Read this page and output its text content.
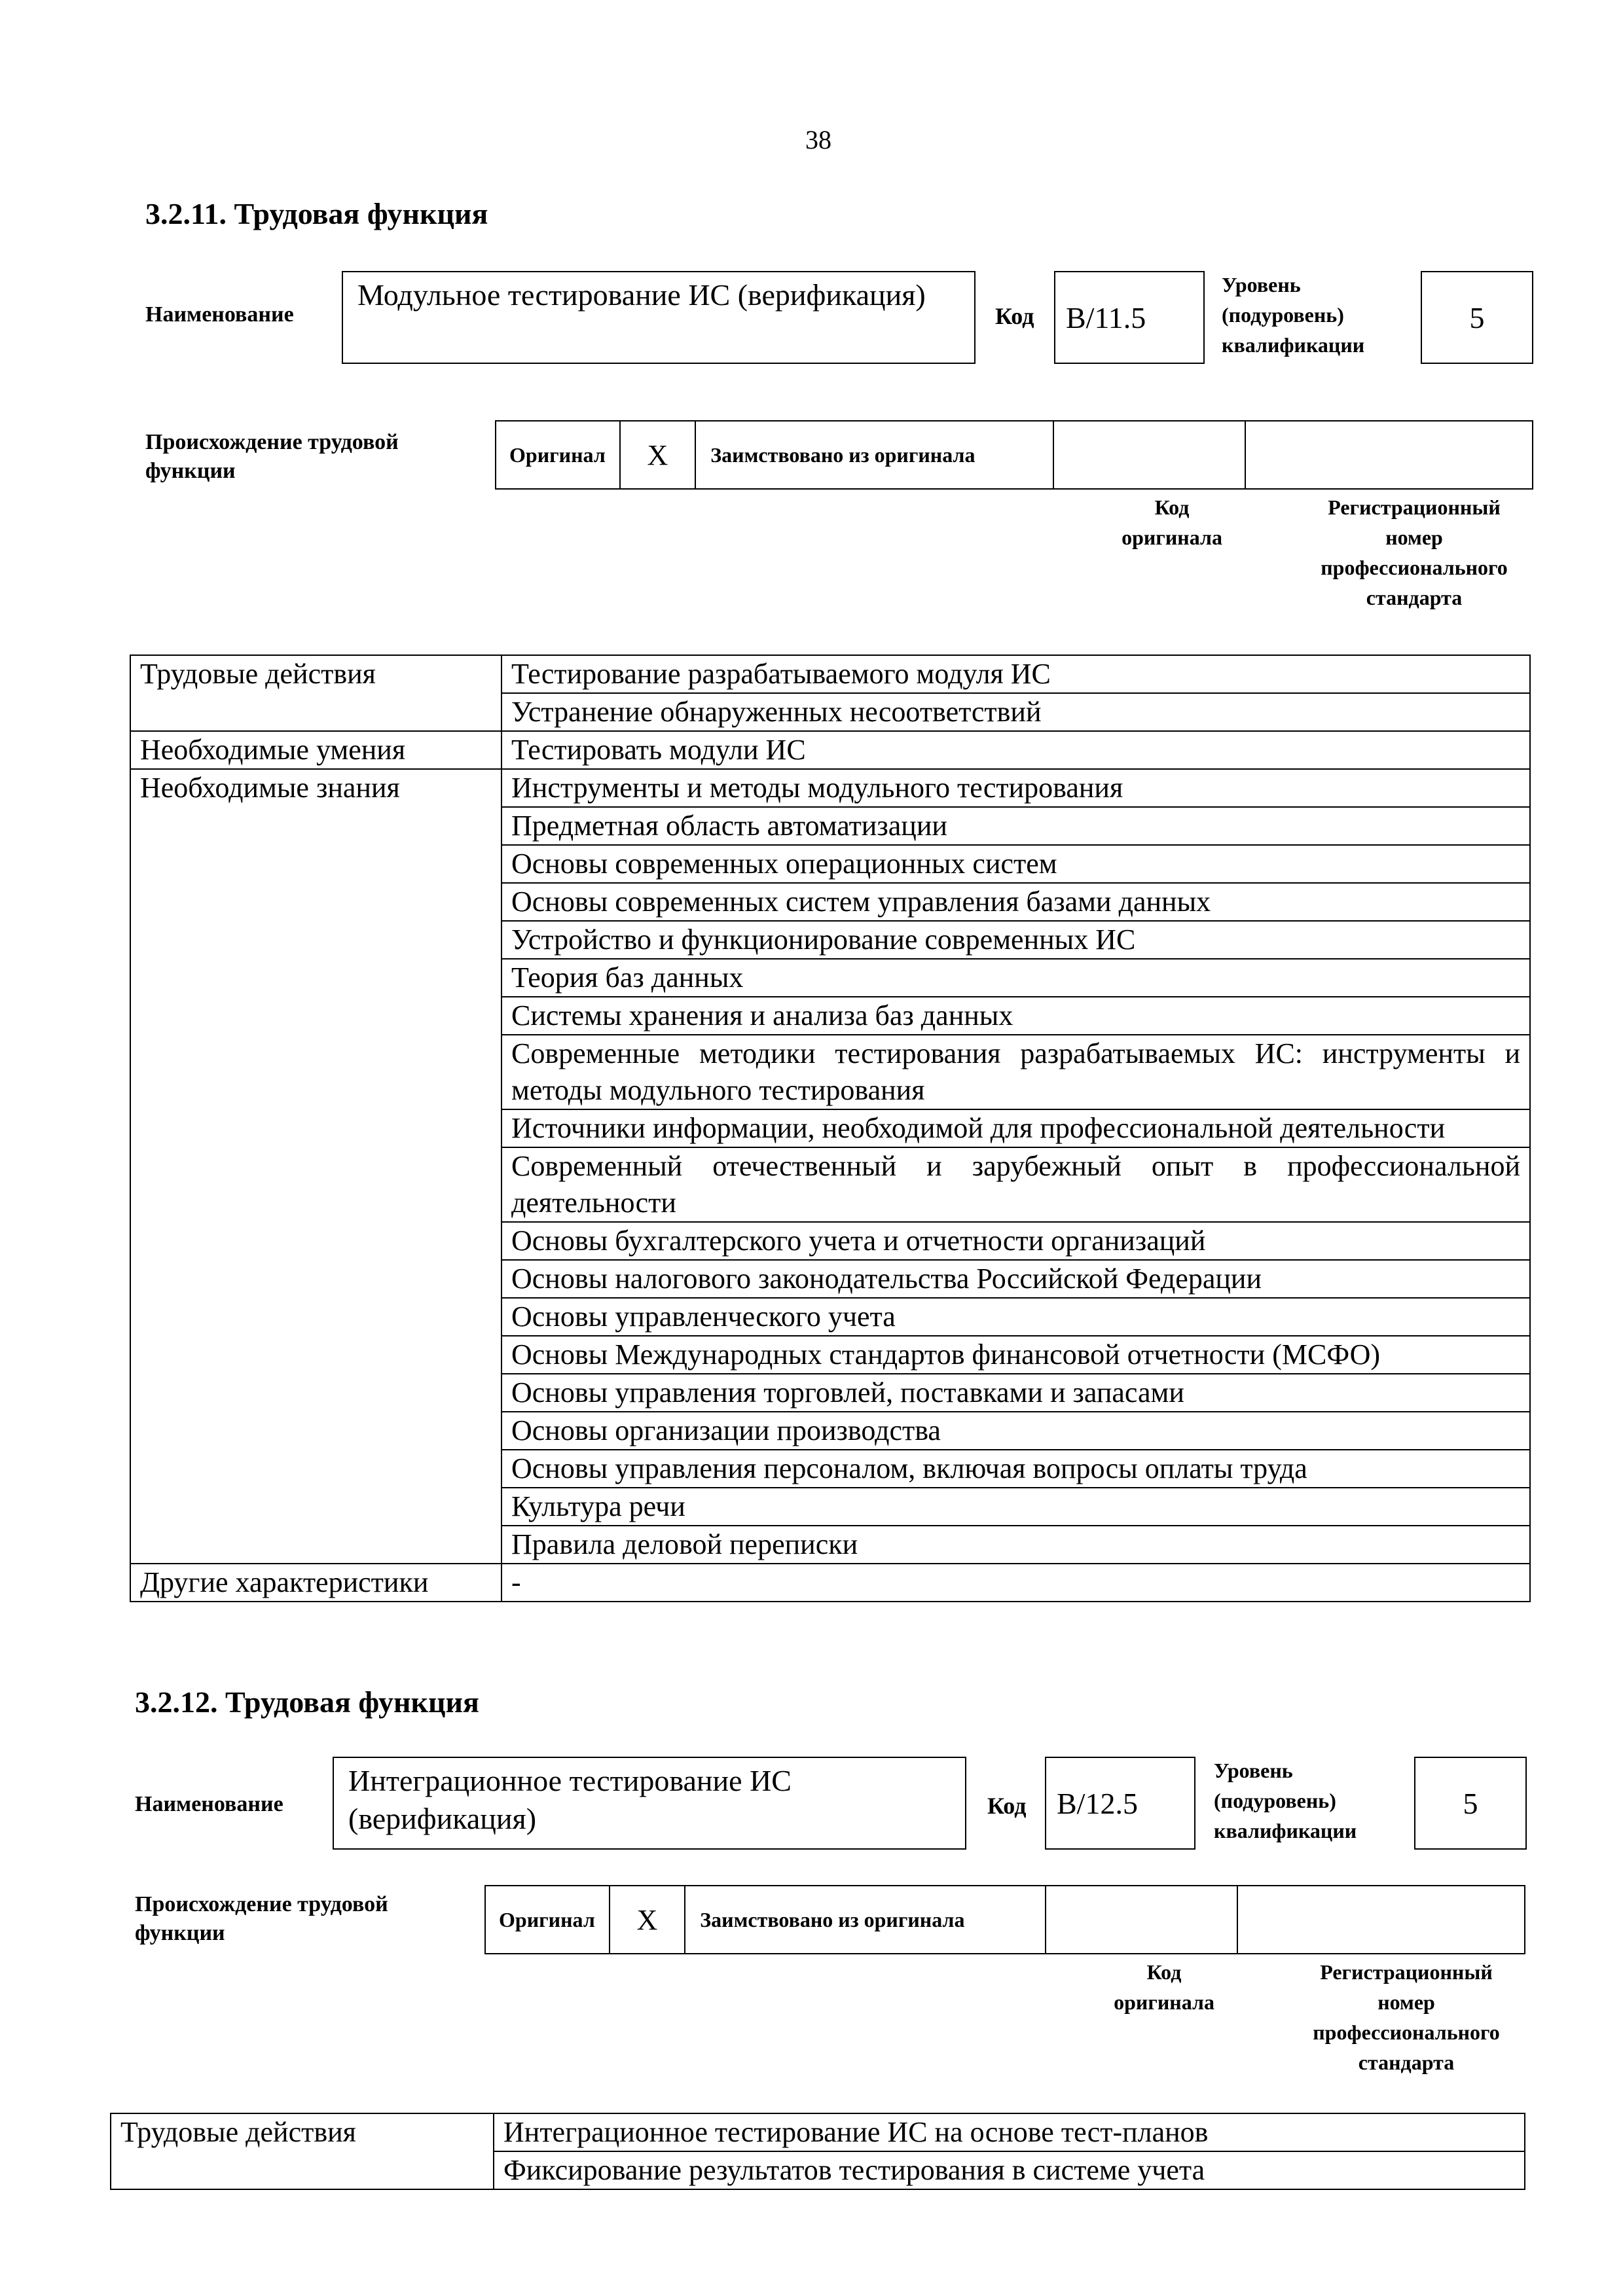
38
3.2.11. Трудовая функция
Наименование
Модульное тестирование ИС (верификация)
Код	B/11.5
Уровень
(подуровень)
квалификации
5
Происхождение трудовой функции
Оригинал	X	Заимствовано из оригинала
Код
оригинала
Регистрационный
номер
профессионального
стандарта
Трудовые действия	Тестирование разрабатываемого модуля ИС
	Устранение обнаруженных несоответствий
Необходимые умения	Тестировать модули ИС
Необходимые знания	Инструменты и методы модульного тестирования
	Предметная область автоматизации
	Основы современных операционных систем
	Основы современных систем управления базами данных
	Устройство и функционирование современных ИС
	Теория баз данных
	Системы хранения и анализа баз данных
	Современные методики тестирования разрабатываемых ИС: инструменты и методы модульного тестирования
	Источники информации, необходимой для профессиональной деятельности
	Современный отечественный и зарубежный опыт в профессиональной деятельности
	Основы бухгалтерского учета и отчетности организаций
	Основы налогового законодательства Российской Федерации
	Основы управленческого учета
	Основы Международных стандартов финансовой отчетности (МСФО)
	Основы управления торговлей, поставками и запасами
	Основы организации производства
	Основы управления персоналом, включая вопросы оплаты труда
	Культура речи
	Правила деловой переписки
Другие характеристики	-
3.2.12. Трудовая функция
Наименование
Интеграционное тестирование ИС (верификация)	Код	B/12.5
Уровень
(подуровень)
квалификации
5
Происхождение трудовой функции
Оригинал	X	Заимствовано из оригинала
Код
оригинала
Регистрационный
номер
профессионального
стандарта
Трудовые действия	Интеграционное тестирование ИС на основе тест-планов
Фиксирование результатов тестирования в системе учета
